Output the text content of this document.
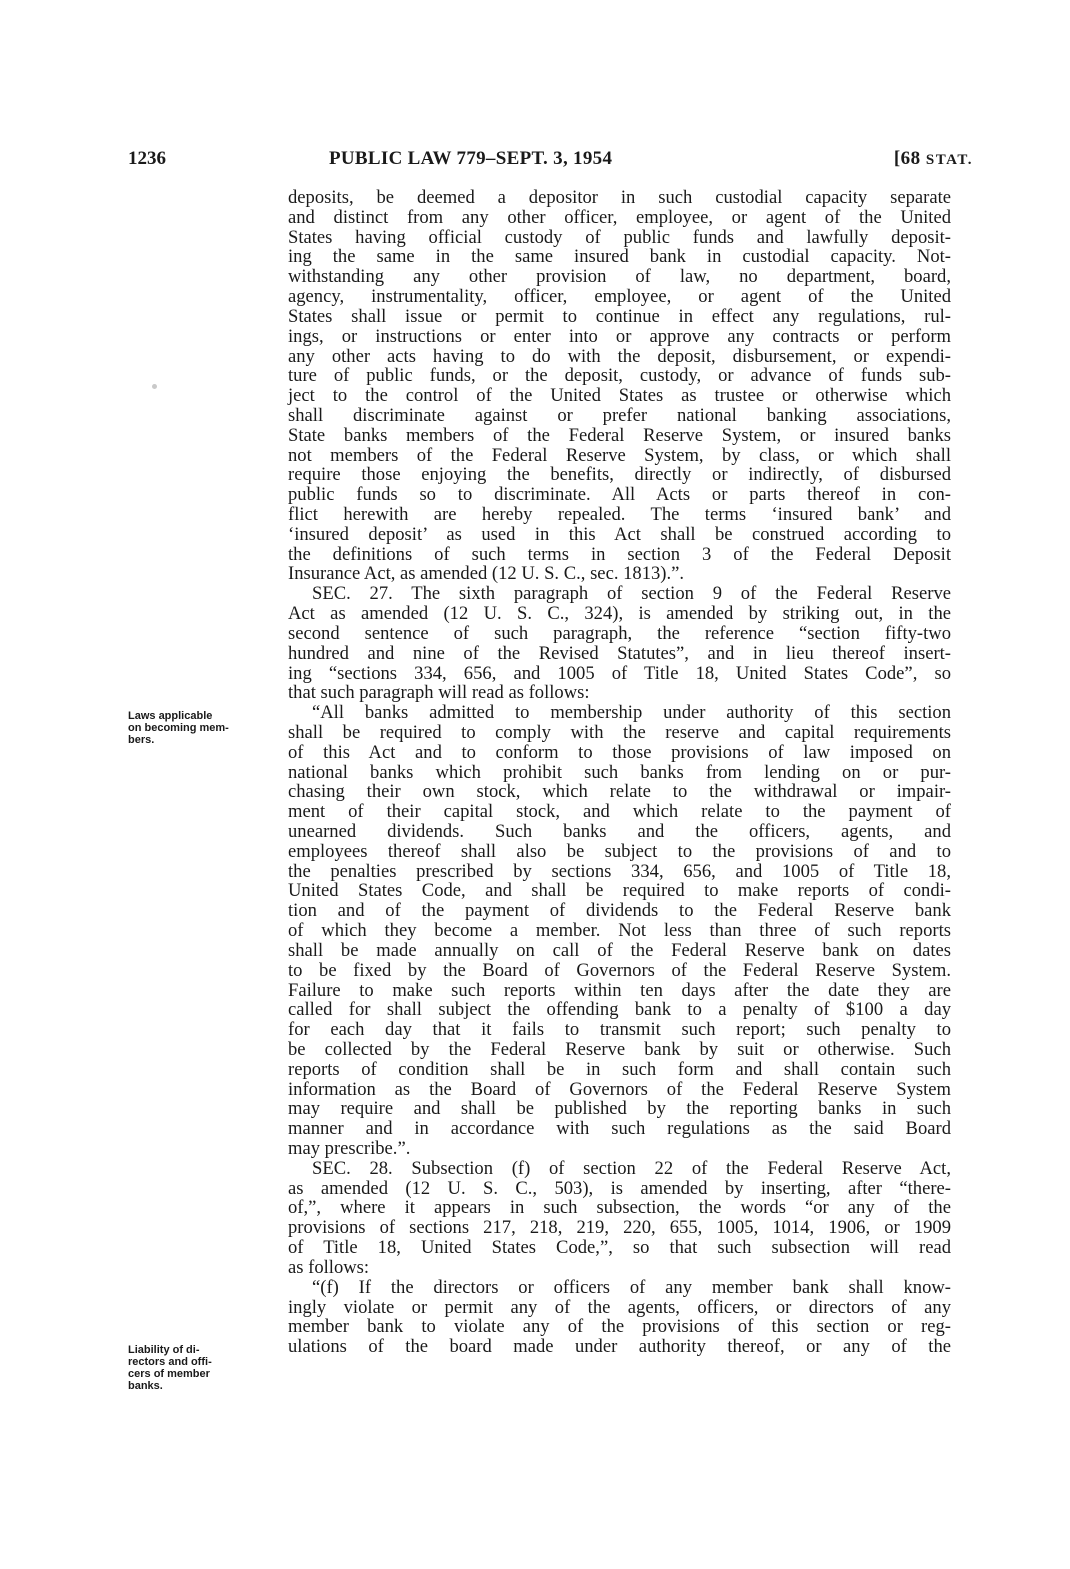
1236	PUBLIC LAW 779–SEPT. 3, 1954	[68 STAT.
Laws applicable
on becoming mem-
bers.
Liability of di-
rectors and offi-
cers of member
banks.
deposits, be deemed a depositor in such custodial capacity separate
and distinct from any other officer, employee, or agent of the United
States having official custody of public funds and lawfully deposit-
ing the same in the same insured bank in custodial capacity. Not-
withstanding any other provision of law, no department, board,
agency, instrumentality, officer, employee, or agent of the United
States shall issue or permit to continue in effect any regulations, rul-
ings, or instructions or enter into or approve any contracts or perform
any other acts having to do with the deposit, disbursement, or expendi-
ture of public funds, or the deposit, custody, or advance of funds sub-
ject to the control of the United States as trustee or otherwise which
shall discriminate against or prefer national banking associations,
State banks members of the Federal Reserve System, or insured banks
not members of the Federal Reserve System, by class, or which shall
require those enjoying the benefits, directly or indirectly, of disbursed
public funds so to discriminate. All Acts or parts thereof in con-
flict herewith are hereby repealed. The terms ‘insured bank’ and
‘insured deposit’ as used in this Act shall be construed according to
the definitions of such terms in section 3 of the Federal Deposit
Insurance Act, as amended (12 U. S. C., sec. 1813).”.
SEC. 27. The sixth paragraph of section 9 of the Federal Reserve
Act as amended (12 U. S. C., 324), is amended by striking out, in the
second sentence of such paragraph, the reference “section fifty-two
hundred and nine of the Revised Statutes”, and in lieu thereof insert-
ing “sections 334, 656, and 1005 of Title 18, United States Code”, so
that such paragraph will read as follows:
“All banks admitted to membership under authority of this section
shall be required to comply with the reserve and capital requirements
of this Act and to conform to those provisions of law imposed on
national banks which prohibit such banks from lending on or pur-
chasing their own stock, which relate to the withdrawal or impair-
ment of their capital stock, and which relate to the payment of
unearned dividends. Such banks and the officers, agents, and
employees thereof shall also be subject to the provisions of and to
the penalties prescribed by sections 334, 656, and 1005 of Title 18,
United States Code, and shall be required to make reports of condi-
tion and of the payment of dividends to the Federal Reserve bank
of which they become a member. Not less than three of such reports
shall be made annually on call of the Federal Reserve bank on dates
to be fixed by the Board of Governors of the Federal Reserve System.
Failure to make such reports within ten days after the date they are
called for shall subject the offending bank to a penalty of $100 a day
for each day that it fails to transmit such report; such penalty to
be collected by the Federal Reserve bank by suit or otherwise. Such
reports of condition shall be in such form and shall contain such
information as the Board of Governors of the Federal Reserve System
may require and shall be published by the reporting banks in such
manner and in accordance with such regulations as the said Board
may prescribe.”.
SEC. 28. Subsection (f) of section 22 of the Federal Reserve Act,
as amended (12 U. S. C., 503), is amended by inserting, after “there-
of,”, where it appears in such subsection, the words “or any of the
provisions of sections 217, 218, 219, 220, 655, 1005, 1014, 1906, or 1909
of Title 18, United States Code,”, so that such subsection will read
as follows:
“(f) If the directors or officers of any member bank shall know-
ingly violate or permit any of the agents, officers, or directors of any
member bank to violate any of the provisions of this section or reg-
ulations of the board made under authority thereof, or any of the
